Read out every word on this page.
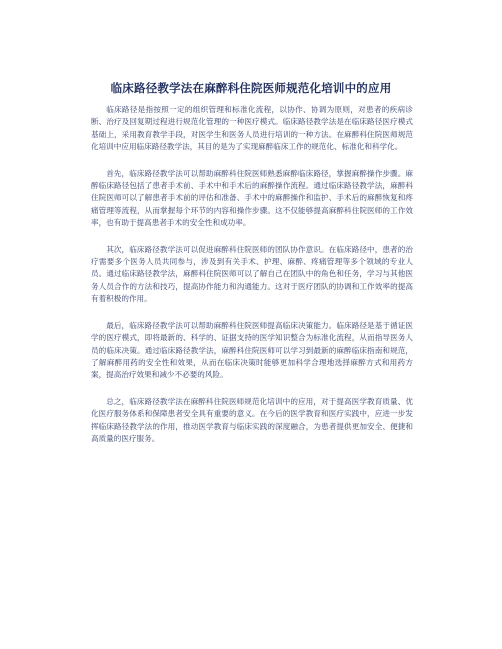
临床路径教学法在麻醉科住院医师规范化培训中的应用

临床路径是指按照一定的组织管理和标准化流程，以协作、协调为原则，对患者的疾病诊断、治疗及回复期过程进行规范化管理的一种医疗模式。临床路径教学法是在临床路径医疗模式基础上，采用教育教学手段，对医学生和医务人员进行培训的一种方法。在麻醉科住院医师规范化培训中应用临床路径教学法，其目的是为了实现麻醉临床工作的规范化、标准化和科学化。

首先，临床路径教学法可以帮助麻醉科住院医师熟悉麻醉临床路径，掌握麻醉操作步骤。麻醉临床路径包括了患者手术前、手术中和手术后的麻醉操作流程。通过临床路径教学法，麻醉科住院医师可以了解患者手术前的评估和准备、手术中的麻醉操作和监护、手术后的麻醉恢复和疼痛管理等流程，从而掌握每个环节的内容和操作步骤。这不仅能够提高麻醉科住院医师的工作效率，也有助于提高患者手术的安全性和成功率。

其次，临床路径教学法可以促进麻醉科住院医师的团队协作意识。在临床路径中，患者的治疗需要多个医务人员共同参与，涉及到有关手术、护理、麻醉、疼痛管理等多个领域的专业人员。通过临床路径教学法，麻醉科住院医师可以了解自己在团队中的角色和任务，学习与其他医务人员合作的方法和技巧，提高协作能力和沟通能力。这对于医疗团队的协调和工作效率的提高有着积极的作用。

最后，临床路径教学法可以帮助麻醉科住院医师提高临床决策能力。临床路径是基于循证医学的医疗模式，即将最新的、科学的、证据支持的医学知识整合为标准化流程，从而指导医务人员的临床决策。通过临床路径教学法，麻醉科住院医师可以学习到最新的麻醉临床指南和规范，了解麻醉用药的安全性和效果，从而在临床决策时能够更加科学合理地选择麻醉方式和用药方案，提高治疗效果和减少不必要的风险。

总之，临床路径教学法在麻醉科住院医师规范化培训中的应用，对于提高医学教育质量、优化医疗服务体系和保障患者安全具有重要的意义。在今后的医学教育和医疗实践中，应进一步发挥临床路径教学法的作用，推动医学教育与临床实践的深度融合，为患者提供更加安全、便捷和高质量的医疗服务。
